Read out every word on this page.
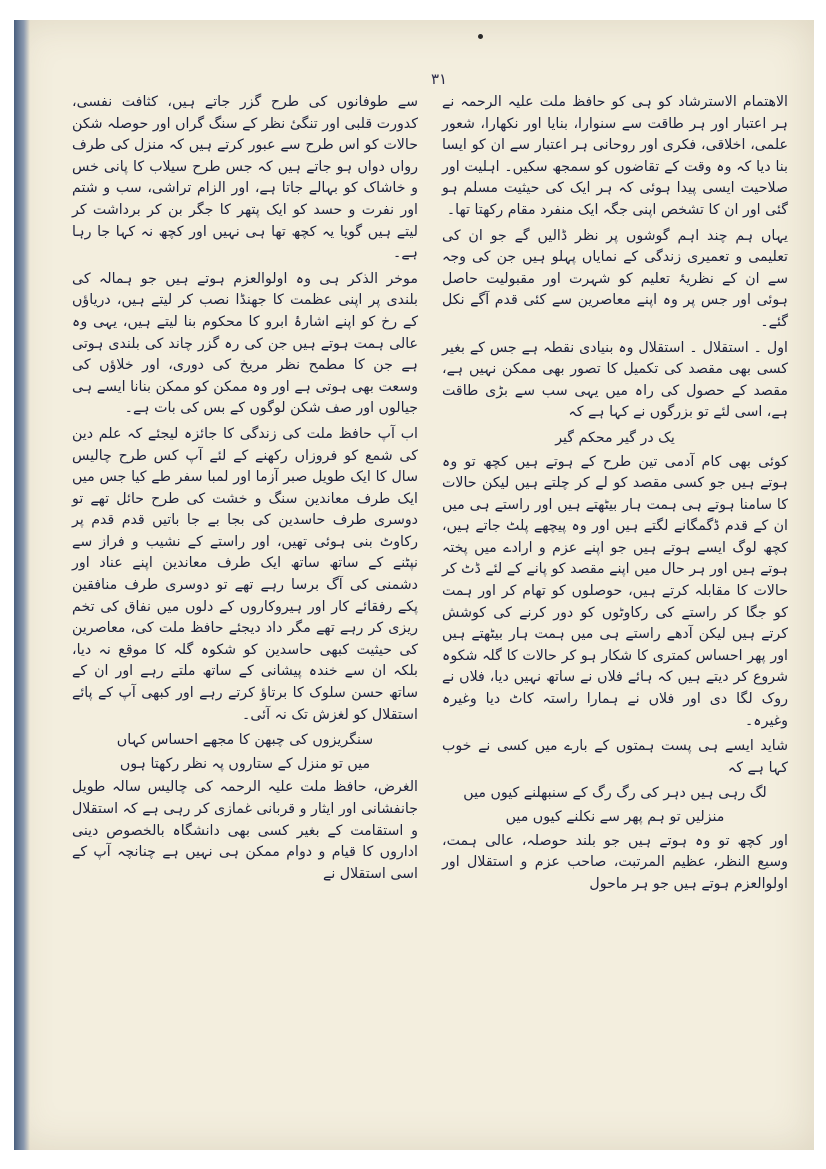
۳۱

الاهتمام الاسترشاد کو ہی کو حافظ ملت علیہ الرحمہ نے ہر اعتبار اور ہر طاقت سے سنوارا، بنایا اور نکھارا، شعور علمی، اخلاقی، فکری اور روحانی ہر اعتبار سے ان کو ایسا بنا دیا کہ وہ وقت کے تقاضوں کو سمجھ سکیں۔ اہلیت اور صلاحیت ایسی پیدا ہوئی کہ ہر ایک کی حیثیت مسلم ہو گئی اور ان کا تشخص اپنی جگہ ایک منفرد مقام رکھتا تھا۔

یہاں ہم چند اہم گوشوں پر نظر ڈالیں گے جو ان کی تعلیمی و تعمیری زندگی کے نمایاں پہلو ہیں جن کی وجہ سے ان کے نظریۂ تعلیم کو شہرت اور مقبولیت حاصل ہوئی اور جس پر وہ اپنے معاصرین سے کئی قدم آگے نکل گئے۔

اول ۔ استقلال ۔ استقلال وہ بنیادی نقطہ ہے جس کے بغیر کسی بھی مقصد کی تکمیل کا تصور بھی ممکن نہیں ہے، مقصد کے حصول کی راہ میں یہی سب سے بڑی طاقت ہے، اسی لئے تو بزرگوں نے کہا ہے کہ

یک در گیر محکم گیر

کوئی بھی کام آدمی تین طرح کے ہوتے ہیں کچھ تو وہ ہوتے ہیں جو کسی مقصد کو لے کر چلتے ہیں لیکن حالات کا سامنا ہوتے ہی ہمت ہار بیٹھتے ہیں اور راستے ہی میں ان کے قدم ڈگمگانے لگتے ہیں اور وہ پیچھے پلٹ جاتے ہیں، کچھ لوگ ایسے ہوتے ہیں جو اپنے عزم و ارادے میں پختہ ہوتے ہیں اور ہر حال میں اپنے مقصد کو پانے کے لئے ڈٹ کر حالات کا مقابلہ کرتے ہیں، حوصلوں کو تھام کر اور ہمت کو جگا کر راستے کی رکاوٹوں کو دور کرنے کی کوشش کرتے ہیں لیکن آدھے راستے ہی میں ہمت ہار بیٹھتے ہیں اور پھر احساس کمتری کا شکار ہو کر حالات کا گلہ شکوہ شروع کر دیتے ہیں کہ ہائے فلاں نے ساتھ نہیں دیا، فلاں نے روک لگا دی اور فلاں نے ہمارا راستہ کاٹ دیا وغیرہ وغیرہ۔

شاید ایسے ہی پست ہمتوں کے بارے میں کسی نے خوب کہا ہے کہ

لگ رہی ہیں دہر کی رگ رگ کے سنبھلنے کیوں میں

منزلیں تو ہم پھر سے نکلنے کیوں میں

اور کچھ تو وہ ہوتے ہیں جو بلند حوصلہ، عالی ہمت، وسیع النظر، عظیم المرتبت، صاحب عزم و استقلال اور اولوالعزم ہوتے ہیں جو ہر ماحول

سے طوفانوں کی طرح گزر جاتے ہیں، کثافت نفسی، کدورت قلبی اور تنگیٔ نظر کے سنگ گراں اور حوصلہ شکن حالات کو اس طرح سے عبور کرتے ہیں کہ منزل کی طرف رواں دواں ہو جاتے ہیں کہ جس طرح سیلاب کا پانی خس و خاشاک کو بہالے جاتا ہے، اور الزام تراشی، سب و شتم اور نفرت و حسد کو ایک پتھر کا جگر بن کر برداشت کر لیتے ہیں گویا یہ کچھ تھا ہی نہیں اور کچھ نہ کہا جا رہا ہے۔

موخر الذکر ہی وہ اولوالعزم ہوتے ہیں جو ہمالہ کی بلندی پر اپنی عظمت کا جھنڈا نصب کر لیتے ہیں، دریاؤں کے رخ کو اپنے اشارۂ ابرو کا محکوم بنا لیتے ہیں، یہی وہ عالی ہمت ہوتے ہیں جن کی رہ گزر چاند کی بلندی ہوتی ہے جن کا مطمح نظر مریخ کی دوری، اور خلاؤں کی وسعت بھی ہوتی ہے اور وہ ممکن کو ممکن بنانا ایسے ہی جیالوں اور صف شکن لوگوں کے بس کی بات ہے۔

اب آپ حافظ ملت کی زندگی کا جائزہ لیجئے کہ علم دین کی شمع کو فروزاں رکھنے کے لئے آپ کس طرح چالیس سال کا ایک طویل صبر آزما اور لمبا سفر طے کیا جس میں ایک طرف معاندین سنگ و خشت کی طرح حائل تھے تو دوسری طرف حاسدین کی بجا بے جا باتیں قدم قدم پر رکاوٹ بنی ہوئی تھیں، اور راستے کے نشیب و فراز سے نپٹنے کے ساتھ ساتھ ایک طرف معاندین اپنے عناد اور دشمنی کی آگ برسا رہے تھے تو دوسری طرف منافقین پکے رفقائے کار اور ہیروکاروں کے دلوں میں نفاق کی تخم ریزی کر رہے تھے مگر داد دیجئے حافظ ملت کی، معاصرین کی حیثیت کبھی حاسدین کو شکوہ گلہ کا موقع نہ دیا، بلکہ ان سے خندہ پیشانی کے ساتھ ملتے رہے اور ان کے ساتھ حسن سلوک کا برتاؤ کرتے رہے اور کبھی آپ کے پائے استقلال کو لغزش تک نہ آئی۔

سنگریزوں کی چبھن کا مجھے احساس کہاں

میں تو منزل کے ستاروں پہ نظر رکھتا ہوں

الغرض، حافظ ملت علیہ الرحمہ کی چالیس سالہ طویل جانفشانی اور ایثار و قربانی غمازی کر رہی ہے کہ استقلال و استقامت کے بغیر کسی بھی دانشگاہ بالخصوص دینی اداروں کا قیام و دوام ممکن ہی نہیں ہے چنانچہ آپ کے اسی استقلال نے
